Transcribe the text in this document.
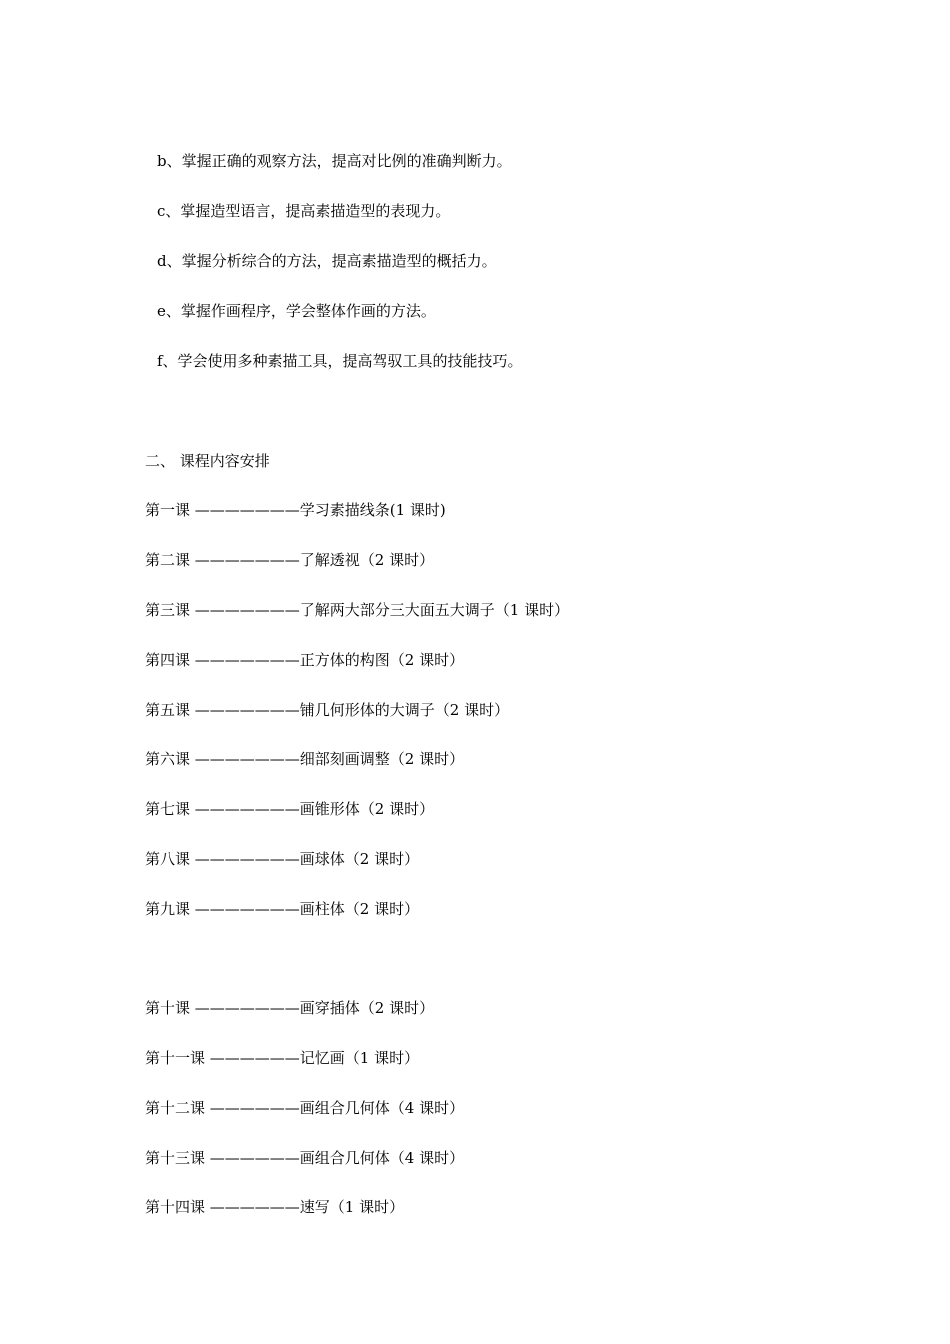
b、掌握正确的观察方法，提高对比例的准确判断力。
c、掌握造型语言，提高素描造型的表现力。
d、掌握分析综合的方法，提高素描造型的概括力。
e、掌握作画程序，学会整体作画的方法。
f、学会使用多种素描工具，提高驾驭工具的技能技巧。
二、 课程内容安排
第一课 ———————学习素描线条(1 课时)
第二课 ———————了解透视（2 课时）
第三课 ———————了解两大部分三大面五大调子（1 课时）
第四课 ———————正方体的构图（2 课时）
第五课 ———————铺几何形体的大调子（2 课时）
第六课 ———————细部刻画调整（2 课时）
第七课 ———————画锥形体（2 课时）
第八课 ———————画球体（2 课时）
第九课 ———————画柱体（2 课时）
第十课 ———————画穿插体（2 课时）
第十一课 ——————记忆画（1 课时）
第十二课 ——————画组合几何体（4 课时）
第十三课 ——————画组合几何体（4 课时）
第十四课 ——————速写（1 课时）
